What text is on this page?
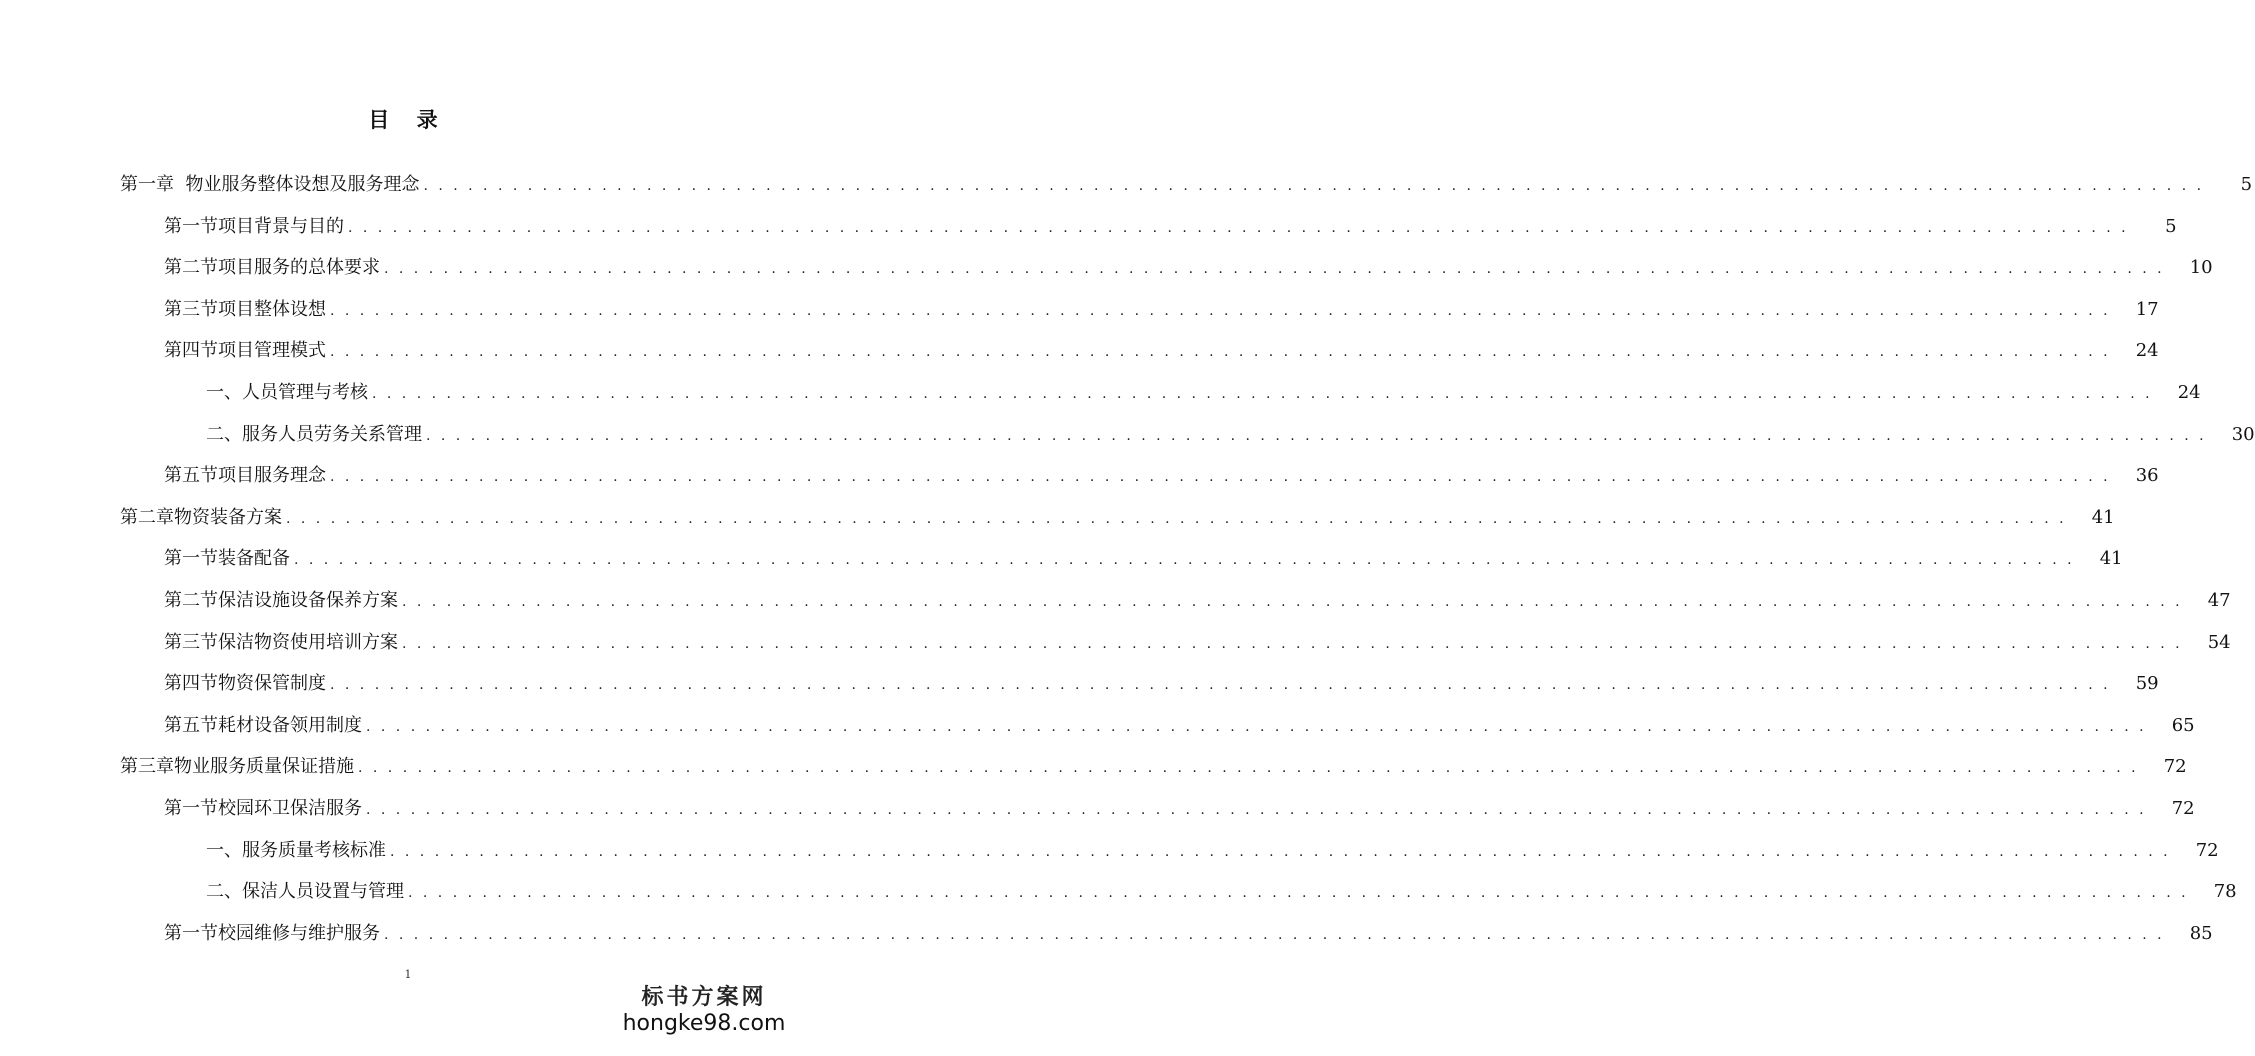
目 录
第一章  物业服务整体设想及服务理念 . . . . . . . . . . . . . . . . . . . . . . . . . . . . . . . . . . . . . . . . . . . . . . . . . . . . . . . . . . . . . . . . . . . . . . . . . . . . . . . . . . . . . . . . . . . . . . . . . . . . . . . . . . . . . . . . . . . . . . . .	5
第一节项目背景与目的 . . . . . . . . . . . . . . . . . . . . . . . . . . . . . . . . . . . . . . . . . . . . . . . . . . . . . . . . . . . . . . . . . . . . . . . . . . . . . . . . . . . . . . . . . . . . . . . . . . . . . . . . . . . . . . . . . . . . . . . .	5
第二节项目服务的总体要求 . . . . . . . . . . . . . . . . . . . . . . . . . . . . . . . . . . . . . . . . . . . . . . . . . . . . . . . . . . . . . . . . . . . . . . . . . . . . . . . . . . . . . . . . . . . . . . . . . . . . . . . . . . . . . . . . . . . . . . . .	10
第三节项目整体设想 . . . . . . . . . . . . . . . . . . . . . . . . . . . . . . . . . . . . . . . . . . . . . . . . . . . . . . . . . . . . . . . . . . . . . . . . . . . . . . . . . . . . . . . . . . . . . . . . . . . . . . . . . . . . . . . . . . . . . . . .	17
第四节项目管理模式 . . . . . . . . . . . . . . . . . . . . . . . . . . . . . . . . . . . . . . . . . . . . . . . . . . . . . . . . . . . . . . . . . . . . . . . . . . . . . . . . . . . . . . . . . . . . . . . . . . . . . . . . . . . . . . . . . . . . . . . .	24
一、人员管理与考核 . . . . . . . . . . . . . . . . . . . . . . . . . . . . . . . . . . . . . . . . . . . . . . . . . . . . . . . . . . . . . . . . . . . . . . . . . . . . . . . . . . . . . . . . . . . . . . . . . . . . . . . . . . . . . . . . . . . . . . . .	24
二、服务人员劳务关系管理 . . . . . . . . . . . . . . . . . . . . . . . . . . . . . . . . . . . . . . . . . . . . . . . . . . . . . . . . . . . . . . . . . . . . . . . . . . . . . . . . . . . . . . . . . . . . . . . . . . . . . . . . . . . . . . . . . . . . . . . .	30
第五节项目服务理念 . . . . . . . . . . . . . . . . . . . . . . . . . . . . . . . . . . . . . . . . . . . . . . . . . . . . . . . . . . . . . . . . . . . . . . . . . . . . . . . . . . . . . . . . . . . . . . . . . . . . . . . . . . . . . . . . . . . . . . . .	36
第二章物资装备方案 . . . . . . . . . . . . . . . . . . . . . . . . . . . . . . . . . . . . . . . . . . . . . . . . . . . . . . . . . . . . . . . . . . . . . . . . . . . . . . . . . . . . . . . . . . . . . . . . . . . . . . . . . . . . . . . . . . . . . . . .	41
第一节装备配备 . . . . . . . . . . . . . . . . . . . . . . . . . . . . . . . . . . . . . . . . . . . . . . . . . . . . . . . . . . . . . . . . . . . . . . . . . . . . . . . . . . . . . . . . . . . . . . . . . . . . . . . . . . . . . . . . . . . . . . . .	41
第二节保洁设施设备保养方案 . . . . . . . . . . . . . . . . . . . . . . . . . . . . . . . . . . . . . . . . . . . . . . . . . . . . . . . . . . . . . . . . . . . . . . . . . . . . . . . . . . . . . . . . . . . . . . . . . . . . . . . . . . . . . . . . . . . . . . . .	47
第三节保洁物资使用培训方案 . . . . . . . . . . . . . . . . . . . . . . . . . . . . . . . . . . . . . . . . . . . . . . . . . . . . . . . . . . . . . . . . . . . . . . . . . . . . . . . . . . . . . . . . . . . . . . . . . . . . . . . . . . . . . . . . . . . . . . . .	54
第四节物资保管制度 . . . . . . . . . . . . . . . . . . . . . . . . . . . . . . . . . . . . . . . . . . . . . . . . . . . . . . . . . . . . . . . . . . . . . . . . . . . . . . . . . . . . . . . . . . . . . . . . . . . . . . . . . . . . . . . . . . . . . . . .	59
第五节耗材设备领用制度 . . . . . . . . . . . . . . . . . . . . . . . . . . . . . . . . . . . . . . . . . . . . . . . . . . . . . . . . . . . . . . . . . . . . . . . . . . . . . . . . . . . . . . . . . . . . . . . . . . . . . . . . . . . . . . . . . . . . . . . .	65
第三章物业服务质量保证措施 . . . . . . . . . . . . . . . . . . . . . . . . . . . . . . . . . . . . . . . . . . . . . . . . . . . . . . . . . . . . . . . . . . . . . . . . . . . . . . . . . . . . . . . . . . . . . . . . . . . . . . . . . . . . . . . . . . . . . . . .	72
第一节校园环卫保洁服务 . . . . . . . . . . . . . . . . . . . . . . . . . . . . . . . . . . . . . . . . . . . . . . . . . . . . . . . . . . . . . . . . . . . . . . . . . . . . . . . . . . . . . . . . . . . . . . . . . . . . . . . . . . . . . . . . . . . . . . . .	72
一、服务质量考核标准 . . . . . . . . . . . . . . . . . . . . . . . . . . . . . . . . . . . . . . . . . . . . . . . . . . . . . . . . . . . . . . . . . . . . . . . . . . . . . . . . . . . . . . . . . . . . . . . . . . . . . . . . . . . . . . . . . . . . . . . .	72
二、保洁人员设置与管理 . . . . . . . . . . . . . . . . . . . . . . . . . . . . . . . . . . . . . . . . . . . . . . . . . . . . . . . . . . . . . . . . . . . . . . . . . . . . . . . . . . . . . . . . . . . . . . . . . . . . . . . . . . . . . . . . . . . . . . . .	78
第一节校园维修与维护服务 . . . . . . . . . . . . . . . . . . . . . . . . . . . . . . . . . . . . . . . . . . . . . . . . . . . . . . . . . . . . . . . . . . . . . . . . . . . . . . . . . . . . . . . . . . . . . . . . . . . . . . . . . . . . . . . . . . . . . . . .	85
1
标书方案网
hongke98.com
